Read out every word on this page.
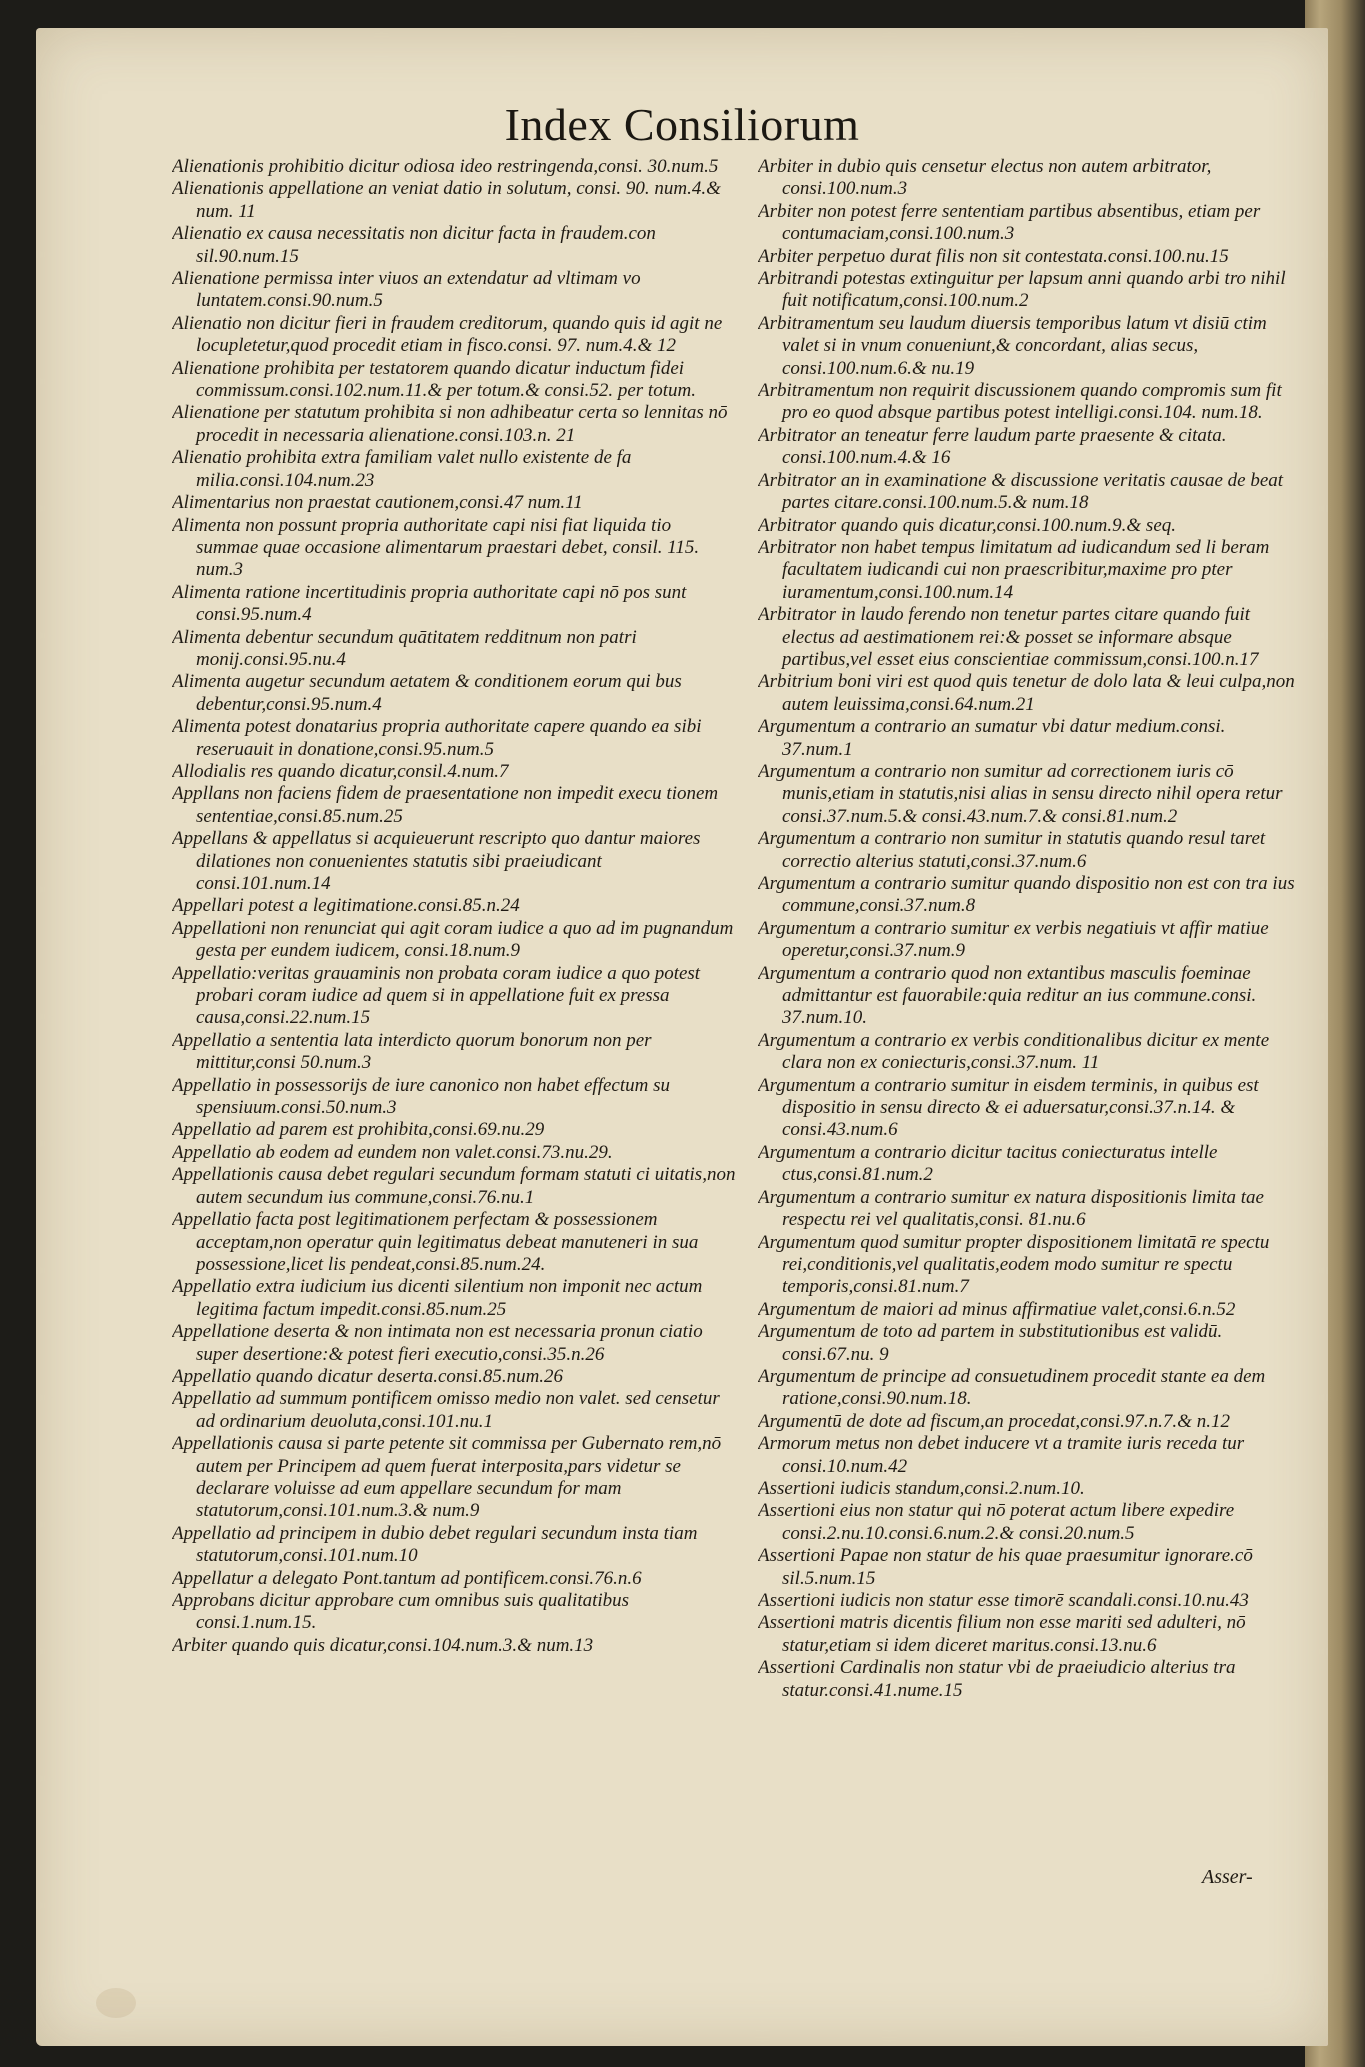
Index Consiliorum

Alienationis prohibitio dicitur odiosa ideo restringenda,consi. 30.num.5

Alienationis appellatione an veniat datio in solutum, consi. 90. num.4.& num. 11

Alienatio ex causa necessitatis non dicitur facta in fraudem.con sil.90.num.15

Alienatione permissa inter viuos an extendatur ad vltimam vo luntatem.consi.90.num.5

Alienatio non dicitur fieri in fraudem creditorum, quando quis id agit ne locupletetur,quod procedit etiam in fisco.consi. 97. num.4.& 12

Alienatione prohibita per testatorem quando dicatur inductum fidei commissum.consi.102.num.11.& per totum.& consi.52. per totum.

Alienatione per statutum prohibita si non adhibeatur certa so lennitas nō procedit in necessaria alienatione.consi.103.n. 21

Alienatio prohibita extra familiam valet nullo existente de fa milia.consi.104.num.23

Alimentarius non praestat cautionem,consi.47 num.11

Alimenta non possunt propria authoritate capi nisi fiat liquida tio summae quae occasione alimentarum praestari debet, consil. 115. num.3

Alimenta ratione incertitudinis propria authoritate capi nō pos sunt consi.95.num.4

Alimenta debentur secundum quātitatem redditnum non patri monij.consi.95.nu.4

Alimenta augetur secundum aetatem & conditionem eorum qui bus debentur,consi.95.num.4

Alimenta potest donatarius propria authoritate capere quando ea sibi reseruauit in donatione,consi.95.num.5

Allodialis res quando dicatur,consil.4.num.7

Appllans non faciens fidem de praesentatione non impedit execu tionem sententiae,consi.85.num.25

Appellans & appellatus si acquieuerunt rescripto quo dantur maiores dilationes non conuenientes statutis sibi praeiudicant consi.101.num.14

Appellari potest a legitimatione.consi.85.n.24

Appellationi non renunciat qui agit coram iudice a quo ad im pugnandum gesta per eundem iudicem, consi.18.num.9

Appellatio:veritas grauaminis non probata coram iudice a quo potest probari coram iudice ad quem si in appellatione fuit ex pressa causa,consi.22.num.15

Appellatio a sententia lata interdicto quorum bonorum non per mittitur,consi 50.num.3

Appellatio in possessorijs de iure canonico non habet effectum su spensiuum.consi.50.num.3

Appellatio ad parem est prohibita,consi.69.nu.29

Appellatio ab eodem ad eundem non valet.consi.73.nu.29.

Appellationis causa debet regulari secundum formam statuti ci uitatis,non autem secundum ius commune,consi.76.nu.1

Appellatio facta post legitimationem perfectam & possessionem acceptam,non operatur quin legitimatus debeat manuteneri in sua possessione,licet lis pendeat,consi.85.num.24.

Appellatio extra iudicium ius dicenti silentium non imponit nec actum legitima factum impedit.consi.85.num.25

Appellatione deserta & non intimata non est necessaria pronun ciatio super desertione:& potest fieri executio,consi.35.n.26

Appellatio quando dicatur deserta.consi.85.num.26

Appellatio ad summum pontificem omisso medio non valet. sed censetur ad ordinarium deuoluta,consi.101.nu.1

Appellationis causa si parte petente sit commissa per Gubernato rem,nō autem per Principem ad quem fuerat interposita,pars videtur se declarare voluisse ad eum appellare secundum for mam statutorum,consi.101.num.3.& num.9

Appellatio ad principem in dubio debet regulari secundum insta tiam statutorum,consi.101.num.10

Appellatur a delegato Pont.tantum ad pontificem.consi.76.n.6

Approbans dicitur approbare cum omnibus suis qualitatibus consi.1.num.15.

Arbiter quando quis dicatur,consi.104.num.3.& num.13

Arbiter in dubio quis censetur electus non autem arbitrator, consi.100.num.3

Arbiter non potest ferre sententiam partibus absentibus, etiam per contumaciam,consi.100.num.3

Arbiter perpetuo durat filis non sit contestata.consi.100.nu.15

Arbitrandi potestas extinguitur per lapsum anni quando arbi tro nihil fuit notificatum,consi.100.num.2

Arbitramentum seu laudum diuersis temporibus latum vt disiū ctim valet si in vnum conueniunt,& concordant, alias secus, consi.100.num.6.& nu.19

Arbitramentum non requirit discussionem quando compromis sum fit pro eo quod absque partibus potest intelligi.consi.104. num.18.

Arbitrator an teneatur ferre laudum parte praesente & citata. consi.100.num.4.& 16

Arbitrator an in examinatione & discussione veritatis causae de beat partes citare.consi.100.num.5.& num.18

Arbitrator quando quis dicatur,consi.100.num.9.& seq.

Arbitrator non habet tempus limitatum ad iudicandum sed li beram facultatem iudicandi cui non praescribitur,maxime pro pter iuramentum,consi.100.num.14

Arbitrator in laudo ferendo non tenetur partes citare quando fuit electus ad aestimationem rei:& posset se informare absque partibus,vel esset eius conscientiae commissum,consi.100.n.17

Arbitrium boni viri est quod quis tenetur de dolo lata & leui culpa,non autem leuissima,consi.64.num.21

Argumentum a contrario an sumatur vbi datur medium.consi. 37.num.1

Argumentum a contrario non sumitur ad correctionem iuris cō munis,etiam in statutis,nisi alias in sensu directo nihil opera retur consi.37.num.5.& consi.43.num.7.& consi.81.num.2

Argumentum a contrario non sumitur in statutis quando resul taret correctio alterius statuti,consi.37.num.6

Argumentum a contrario sumitur quando dispositio non est con tra ius commune,consi.37.num.8

Argumentum a contrario sumitur ex verbis negatiuis vt affir matiue operetur,consi.37.num.9

Argumentum a contrario quod non extantibus masculis foeminae admittantur est fauorabile:quia reditur an ius commune.consi. 37.num.10.

Argumentum a contrario ex verbis conditionalibus dicitur ex mente clara non ex coniecturis,consi.37.num. 11

Argumentum a contrario sumitur in eisdem terminis, in quibus est dispositio in sensu directo & ei aduersatur,consi.37.n.14. & consi.43.num.6

Argumentum a contrario dicitur tacitus coniecturatus intelle ctus,consi.81.num.2

Argumentum a contrario sumitur ex natura dispositionis limita tae respectu rei vel qualitatis,consi. 81.nu.6

Argumentum quod sumitur propter dispositionem limitatā re spectu rei,conditionis,vel qualitatis,eodem modo sumitur re spectu temporis,consi.81.num.7

Argumentum de maiori ad minus affirmatiue valet,consi.6.n.52

Argumentum de toto ad partem in substitutionibus est validū. consi.67.nu. 9

Argumentum de principe ad consuetudinem procedit stante ea dem ratione,consi.90.num.18.

Argumentū de dote ad fiscum,an procedat,consi.97.n.7.& n.12

Armorum metus non debet inducere vt a tramite iuris receda tur consi.10.num.42

Assertioni iudicis standum,consi.2.num.10.

Assertioni eius non statur qui nō poterat actum libere expedire consi.2.nu.10.consi.6.num.2.& consi.20.num.5

Assertioni Papae non statur de his quae praesumitur ignorare.cō sil.5.num.15

Assertioni iudicis non statur esse timorē scandali.consi.10.nu.43

Assertioni matris dicentis filium non esse mariti sed adulteri, nō statur,etiam si idem diceret maritus.consi.13.nu.6

Assertioni Cardinalis non statur vbi de praeiudicio alterius tra statur.consi.41.nume.15

Asser-
